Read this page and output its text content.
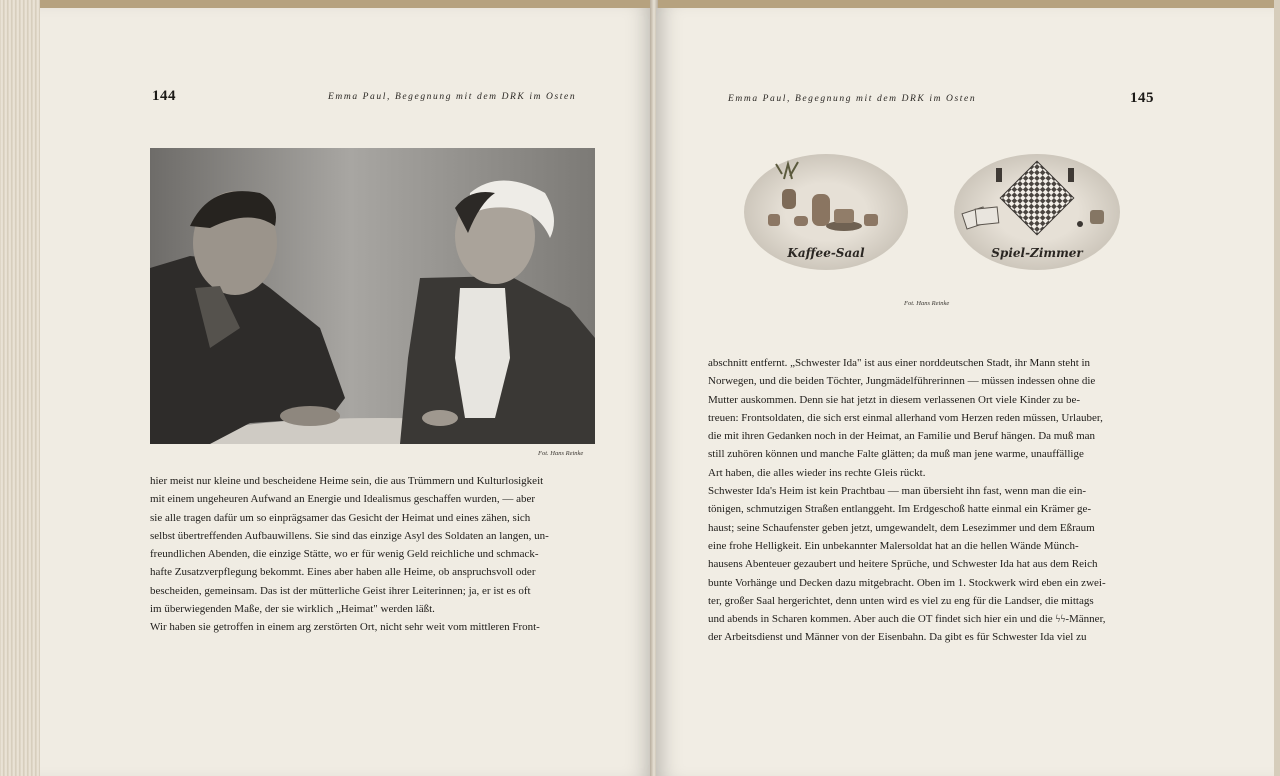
144	Emma Paul, Begegnung mit dem DRK im Osten
Fot. Hans Reinke

hier meist nur kleine und bescheidene Heime sein, die aus Trümmern und Kulturlosigkeit

mit einem ungeheuren Aufwand an Energie und Idealismus geschaffen wurden, — aber

sie alle tragen dafür um so einprägsamer das Gesicht der Heimat und eines zähen, sich

selbst übertreffenden Aufbauwillens. Sie sind das einzige Asyl des Soldaten an langen, un-

freundlichen Abenden, die einzige Stätte, wo er für wenig Geld reichliche und schmack-

hafte Zusatzverpflegung bekommt. Eines aber haben alle Heime, ob anspruchsvoll oder

bescheiden, gemeinsam. Das ist der mütterliche Geist ihrer Leiterinnen; ja, er ist es oft

im überwiegenden Maße, der sie wirklich „Heimat" werden läßt.

Wir haben sie getroffen in einem arg zerstörten Ort, nicht sehr weit vom mittleren Front-

Emma Paul, Begegnung mit dem DRK im Osten	145
Kaffee-Saal	Spiel-Zimmer
Fot. Hans Reinke

abschnitt entfernt. „Schwester Ida" ist aus einer norddeutschen Stadt, ihr Mann steht in

Norwegen, und die beiden Töchter, Jungmädelführerinnen — müssen indessen ohne die

Mutter auskommen. Denn sie hat jetzt in diesem verlassenen Ort viele Kinder zu be-

treuen: Frontsoldaten, die sich erst einmal allerhand vom Herzen reden müssen, Urlauber,

die mit ihren Gedanken noch in der Heimat, an Familie und Beruf hängen. Da muß man

still zuhören können und manche Falte glätten; da muß man jene warme, unauffällige

Art haben, die alles wieder ins rechte Gleis rückt.

Schwester Ida's Heim ist kein Prachtbau — man übersieht ihn fast, wenn man die ein-

tönigen, schmutzigen Straßen entlanggeht. Im Erdgeschoß hatte einmal ein Krämer ge-

haust; seine Schaufenster geben jetzt, umgewandelt, dem Lesezimmer und dem Eßraum

eine frohe Helligkeit. Ein unbekannter Malersoldat hat an die hellen Wände Münch-

hausens Abenteuer gezaubert und heitere Sprüche, und Schwester Ida hat aus dem Reich

bunte Vorhänge und Decken dazu mitgebracht. Oben im 1. Stockwerk wird eben ein zwei-

ter, großer Saal hergerichtet, denn unten wird es viel zu eng für die Landser, die mittags

und abends in Scharen kommen. Aber auch die OT findet sich hier ein und die ϟϟ-Männer,

der Arbeitsdienst und Männer von der Eisenbahn. Da gibt es für Schwester Ida viel zu
